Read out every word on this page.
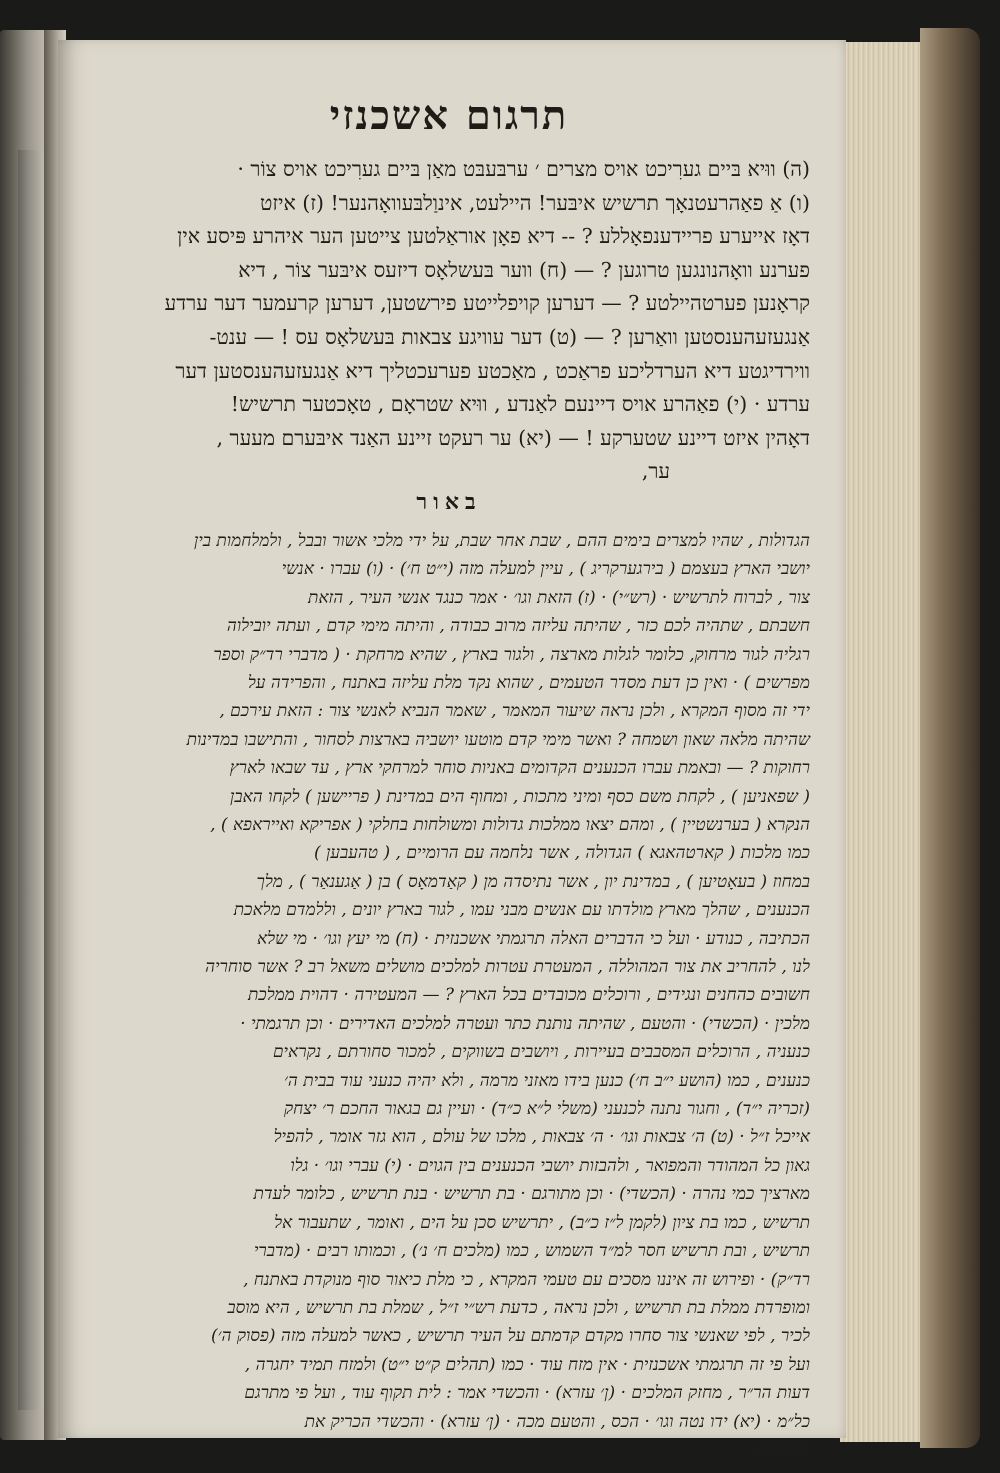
תרגום אשכנזי

(ה) ווּיא בּיים גערִיכט אויס מצרים ׳ ערבּעבּט מאַן בּיים גערִיכט אויס צוֹר ·

(ו) אַ פאַהרעטנאָך תרשיש איבּער! היילעט, אינוַלבּעוואָהנער! (ז) איזט

דאָז אייערע פריידענפאָללע ? -- דיא פאָן אוראַלטען צייטען הער איהרע פּיסע אין

פערנע וואָהנונגען טרוגען ? — (ח) ווער בּעשלאָס דיזעס איבּער צוֹר , דיא

קראָנען פערטהיילטע ? — דערען קויפלייטע פירשטען, דערען קרעמער דער ערדע

אַנגעזעהענסטען וואַרען ? — (ט) דער עוויגע צבאות בּעשלאָס עס ! — ענט-

ווירדיגטע דיא הערדליכע פראַכט , מאַכטע פערעכטליך דיא אַנגעזעהענסטען דער

ערדע · (י) פאַהרע אויס דיינעם לאַנדע , ווּיא שטראָם , טאָכטער תרשיש!

דאָהין איזט דיינע שטערקע ! — (יא) ער רעקט זיינע האַנד איבּערם מעער ,

ער,

באור

הגדולות , שהיו למצרים בימים ההם , שבת אחר שבת, על ידי מלכי אשור ובבל , ולמלחמות בין

יושבי הארץ בעצמם ( בירגערקריג ) , עיין למעלה מזה (י״ט ח׳) · (ו) עברו · אנשי

צור , לברוח לתרשיש · (רש״י) · (ז) הזאת וגו׳ · אמר כנגד אנשי העיר , הזאת

חשבתם , שתהיה לכם כזר , שהיתה עליזה מרוב כבודה , והיתה מימי קדם , ועתה יובילוה

רגליה לגור מרחוק, כלומר לגלות מארצה , ולגור בארץ , שהיא מרחקת · ( מדברי רד״ק וספר

מפרשים ) · ואין כן דעת מסדר הטעמים , שהוא נקד מלת עליזה באתנח , והפרידה על

ידי זה מסוף המקרא , ולכן נראה שיעור המאמר , שאמר הנביא לאנשי צור : הזאת עירכם ,

שהיתה מלאה שאון ושמחה ? ואשר מימי קדם מוטעו יושביה בארצות לסחור , והתישבו במדינות

רחוקות ? — ובאמת עברו הכנענים הקדומים באניות סוחר למרחקי ארץ , עד שבאו לארץ

( שפאניען ) , לקחת משם כסף ומיני מתכות , ומחוף הים במדינת ( פריישען ) לקחו האבן

הנקרא ( בערנשטיין ) , ומהם יצאו ממלכות גדולות ומשולחות בחלקי ( אפריקא ואייראפא ) ,

כמו מלכות ( קארטהאגא ) הגדולה , אשר נלחמה עם הרומיים , ( טהעבען )

במחוז ( בעאָטיען ) , במדינת יון , אשר נתיסדה מן ( קאַדמאָס ) בן ( אַגענאַר ) , מלך

הכנענים , שהלך מארץ מולדתו עם אנשים מבני עמו , לגור בארץ יונים , וללמדם מלאכת

הכתיבה , כנודע · ועל כי הדברים האלה תרגמתי אשכנזית · (ח) מי יעץ וגו׳ · מי שלא

לנו , להחריב את צור המהוללה , המעטרת עטרות למלכים מושלים משאל רב ? אשר סוחריה

חשובים כהחנים ונגידים , ורוכלים מכובדים בכל הארץ ? — המעטירה · דהוית ממלכת

מלכין · (הכשדי) · והטעם , שהיתה נותנת כתר ועטרה למלכים האדירים · וכן תרגמתי ·

כנעניה , הרוכלים המסבבים בעיירות , ויושבים בשווקים , למכור סחורתם , נקראים

כנענים , כמו (הושע י״ב ח׳) כנען בידו מאזני מרמה , ולא יהיה כנעני עוד בבית ה׳

(זכריה י״ד) , וחגור נתנה לכנעני (משלי ל״א כ״ד) · ועיין גם בגאור החכם ר׳ יצחק

אייכל ז״ל · (ט) ה׳ צבאות וגו׳ · ה׳ צבאות , מלכו של עולם , הוא גזר אומר , להפיל

גאון כל המהודר והמפואר , ולהבזות יושבי הכנענים בין הגוים · (י) עברי וגו׳ · גלו

מארציך כמי נהרה · (הכשדי) · וכן מתורגם · בת תרשיש · בנת תרשיש , כלומר לעדת

תרשיש , כמו בת ציון (לקמן ל״ז כ״ב) , יתרשיש סכן על הים , ואומר , שתעבור אל

תרשיש , ובת תרשיש חסר למ״ד השמוש , כמו (מלכים ח׳ נ׳) , וכמותו רבים · (מדברי

רד״ק) · ופירוש זה איננו מסכים עם טעמי המקרא , כי מלת כיאור סוף מנוקדת באתנח ,

ומופרדת ממלת בת תרשיש , ולכן נראה , כדעת רש״י ז״ל , שמלת בת תרשיש , היא מוסב

לכיר , לפי שאנשי צור סחרו מקדם קדמתם על העיר תרשיש , כאשר למעלה מזה (פסוק ה׳)

ועל פי זה תרגמתי אשכנזית · אין מזח עוד · כמו (תהלים ק״ט י״ט) ולמזח תמיד יחגרה ,

דעות הר״ר , מחזק המלכים · (ן׳ עזרא) · והכשדי אמר : לית תקוף עוד , ועל פי מתרגם

כל״מ · (יא) ידו נטה וגו׳ · הכס , והטעם מכה · (ן׳ עזרא) · והכשדי הכריק את

הכנעניה
